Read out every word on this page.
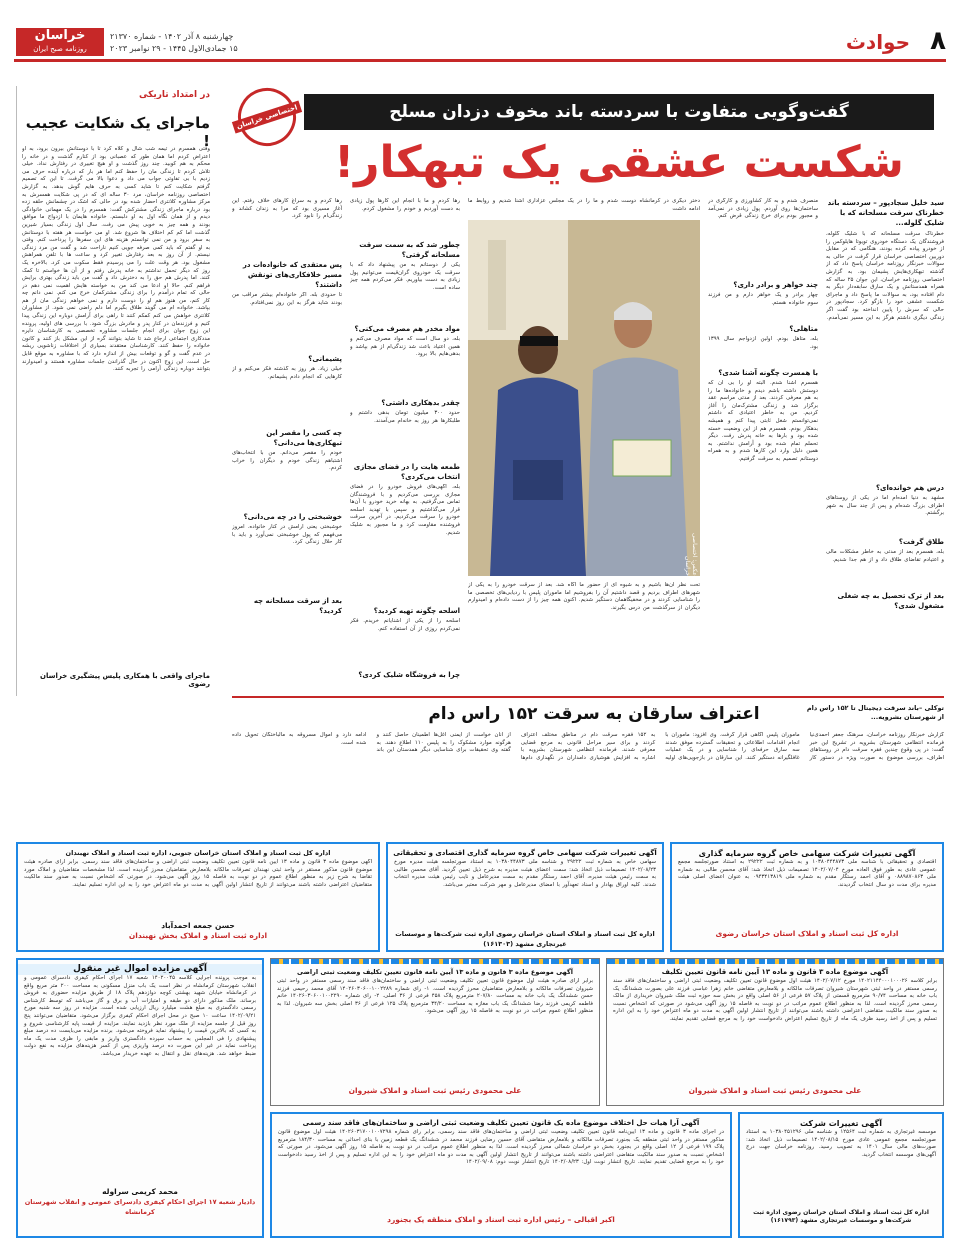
٨
حوادث
چهارشنبه ۸ آذر ۱۴۰۲ - شماره ۲۱۳۷۰
۱۵ جمادی‌الاول ۱۴۴۵ - ۲۹ نوامبر ۲۰۲۳
خراسان
روزنامه صبح ایران
در امتداد تاریکی
ماجرای یک شکایت عجیب !
وقتی همسرم در تیمه شب شال و کلاه کرد تا با دوستانش بیرون برود، به او اعتراض کردم اما همان طور که عصبانی بود از کنارم گذشت و در خانه را محکم به هم کوبید. چند روز گذشت و او هیچ تغییری در رفتارش نداد. خیلی تلاش کردم تا زندگی مان را حفظ کنم اما هر بار که درباره آینده حرف می زدیم با بی تفاوتی جواب می داد و دعوا بالا می گرفت. تا این که تصمیم گرفتم شکایت کنم تا شاید کسی به حرف هایم گوش بدهد. به گزارش اختصاصی روزنامه خراسان، مرد ۳۰ ساله ای که در پی شکایت همسرش به مرکز مشاوره کلانتری احضار شده بود در حالی که اشک در چشمانش حلقه زده بود درباره ماجرای زندگی مشترکش گفت: همسرم را در یک مهمانی خانوادگی دیدم و از همان نگاه اول به او دلبستم. خانواده هایمان با ازدواج ما موافق بودند و همه چیز به خوبی پیش می رفت. سال اول زندگی بسیار شیرین گذشت اما کم کم اختلاف ها شروع شد. او می خواست هر هفته با دوستانش به سفر برود و من نمی توانستم هزینه های این سفرها را پرداخت کنم. وقتی به او گفتم که باید کمی صرفه جویی کنیم ناراحت شد و گفت من مرد زندگی نیستم. از آن روز به بعد رفتارش تغییر کرد و ساعت ها با تلفن همراهش مشغول بود. هر وقت علت را می پرسیدم فقط سکوت می کرد. بالاخره یک روز که دیگر تحمل نداشتم به خانه پدرش رفتم و از آن ها خواستم تا کمک کنند. اما پدرش هم حق را به دخترش داد و گفت من باید زندگی بهتری برایش فراهم کنم. حالا او ادعا می کند من به خواسته هایش اهمیت نمی دهم در حالی که تمام درآمدم را برای زندگی مشترکمان خرج می کنم. نمی دانم چه کار کنم، من هنوز هم او را دوست دارم و نمی خواهم زندگی مان از هم بپاشد. خانواده ام می گویند طلاق بگیرم اما دلم راضی نمی شود. از مشاوران کلانتری خواهش می کنم کمکم کنند تا راهی برای آرامش دوباره این زندگی پیدا کنیم و فرزندمان در کنار پدر و مادرش بزرگ شود. با بررسی های اولیه، پرونده این زوج جوان برای انجام جلسات مشاوره تخصصی به کارشناسان دایره مددکاری اجتماعی ارجاع شد تا شاید بتوانند گره از این مشکل باز کنند و کانون خانواده را حفظ کنند. کارشناسان معتقدند بسیاری از اختلافات زناشویی ریشه در عدم گفت و گو و توقعات بیش از اندازه دارد که با مشاوره به موقع قابل حل است. این زوج اکنون در حال گذراندن جلسات مشاوره هستند و امیدوارند بتوانند دوباره زندگی آرامی را تجربه کنند.
ماجرای واقعی با همکاری پلیس پیشگیری خراسان رضوی
اختصاصی خراسان	گفت‌وگویی متفاوت با سردسته باند مخوف دزدان مسلح
شکست عشقی یک تبهکار!
سید خلیل سجادپور – سردسته باند خطرناک سرقت مسلحانه که با شلیک گلوله...
خطرناک سرقت مسلحانه که با شلیک گلوله، فروشندگان یک دستگاه خودروی تویوتا هایلوکس را از خودرو پیاده کرده بودند، هنگامی که در مقابل دوربین اختصاصی خراسان قرار گرفت در حالی به سوالات خبرنگار روزنامه خراسان پاسخ داد که از گذشته تبهکاری‌هایش پشیمان بود. به گزارش اختصاصی روزنامه خراسان، این جوان ۲۵ ساله که همراه همدستانش و یک سارق سابقه‌دار دیگر به دام افتاده بود، به سوالات ما پاسخ داد و ماجرای شکست عشقی خود را بازگو کرد. سجادپور در حالی که سرش را پایین انداخته بود گفت اگر زندگی دیگری داشتم هرگز به این مسیر نمی‌آمدم.
درس هم خوانده‌ای؟
مشهد به دنیا آمده‌ام اما در یکی از روستاهای اطراف بزرگ شده‌ام و پس از چند سال به شهر برگشتم.
طلاق گرفت؟
بله، همسرم بعد از مدتی به خاطر مشکلات مالی و اعتیادم تقاضای طلاق داد و از هم جدا شدیم.
بعد از ترک تحصیل به چه شغلی مشغول شدی؟
منصرف شدم و به کار کشاورزی و کارگری در ساختمان‌ها روی آوردم. پول زیادی در نمی‌آمد و مجبور بودم برای خرج زندگی قرض کنم.
چند خواهر و برادر داری؟
چهار برادر و یک خواهر دارم و من فرزند سوم خانواده هستم.
متاهلی؟
بله، متاهل بودم. اولین ازدواجم سال ۱۳۹۹ بود.
با همسرت چگونه آشنا شدی؟
همسرم آشنا شدم. البته او را بی آن که دوستش داشته باشم دیدم و خانواده‌ها ما را به هم معرفی کردند. بعد از مدتی مراسم عقد برگزار شد و زندگی مشترک‌مان را آغاز کردیم. من به خاطر اعتیادی که داشتم نمی‌توانستم شغل ثابتی پیدا کنم و همیشه بدهکار بودم. همسرم هم از این وضعیت خسته شده بود و بارها به خانه پدرش رفت. دیگر تحملم تمام شده بود و آرامش نداشتم. به همین دلیل وارد این کارها شدم و به همراه دوستانم تصمیم به سرقت گرفتیم.
عکس: اختصاصی خراسان
دختر دیگری در کرمانشاه دوست شدم و ما را در یک مجلس عزاداری آشنا شدیم و روابط ما ادامه داشت
رها کردم و ما با انجام این کارها پول زیادی به دست آوردیم و خودم را مشغول کردم.
چطور شد که به سمت سرقت مسلحانه گرفتی؟
یکی از دوستانم به من پیشنهاد داد که با سرقت یک خودروی گران‌قیمت می‌توانیم پول زیادی به دست بیاوریم. فکر می‌کردم همه چیز ساده است.
مواد مخدر هم مصرف می‌کنی؟
بله، دو سال است که مواد مصرف می‌کنم و همین اعتیاد باعث شد زندگی‌ام از هم بپاشد و بدهی‌هایم بالا برود.
چقدر بدهکاری داشتی؟
حدود ۳۰۰ میلیون تومان بدهی داشتم و طلبکارها هر روز به خانه‌ام می‌آمدند.
طمعه هایت را در فضای مجازی انتخاب می‌کردی؟
بله، آگهی‌های فروش خودرو را در فضای مجازی بررسی می‌کردیم و با فروشندگان تماس می‌گرفتیم. به بهانه خرید خودرو با آن‌ها قرار می‌گذاشتیم و سپس با تهدید اسلحه خودرو را سرقت می‌کردیم. در آخرین سرقت فروشنده مقاومت کرد و ما مجبور به شلیک شدیم.
اسلحه چگونه تهیه کردید؟
اسلحه را از یکی از آشنایانم خریدم. فکر نمی‌کردم روزی از آن استفاده کنم.
چرا به فروشگاه شلیک کردی؟
رها کردم و به سراغ کارهای خلاف رفتم. این آغاز مسیری بود که مرا به زندان کشاند و زندگی‌ام را نابود کرد.
پس معتقدی که خانواده‌ات در مسیر خلافکاری‌های تونقش داشتند؟
تا حدودی بله. اگر خانواده‌ام بیشتر مراقب من بودند شاید هرگز به این روز نمی‌افتادم.
پشیمانی؟
خیلی زیاد. هر روز به گذشته فکر می‌کنم و از کارهایی که انجام دادم پشیمانم.
چه کسی را مقصر این تبهکاری‌ها می‌دانی؟
خودم را مقصر می‌دانم. من با انتخاب‌های اشتباهم زندگی خودم و دیگران را خراب کردم.
خوشبختی را در چه می‌دانی؟
خوشبختی یعنی آرامش در کنار خانواده. امروز می‌فهمم که پول خوشبختی نمی‌آورد و باید با کار حلال زندگی کرد.
بعد از سرقت مسلحانه چه کردید؟
تحت نظر آن‌ها باشیم و به شیوه ای از حضور ما آگاه شد. بعد از سرقت خودرو را به یکی از شهرهای اطراف بردیم و قصد داشتیم آن را بفروشیم اما ماموران پلیس با ردیابی‌های تخصصی ما را شناسایی کردند و در مخفیگاهمان دستگیر شدیم. اکنون همه چیز را از دست داده‌ام و امیدوارم دیگران از سرگذشت من درس بگیرند.
اعتراف سارقان به سرقت ۱۵۲ راس دام	توکلی –باند سرقت دیجیتال تا ۱۵۲ راس دام از شهرستان بشرویه...
گزارش خبرنگار روزنامه خراسان، سرهنگ جعفر احمدی‌نیا فرمانده انتظامی شهرستان بشرویه در تشریح این خبر گفت: در پی وقوع چندین فقره سرقت دام در روستاهای اطراف، بررسی موضوع به صورت ویژه در دستور کار ماموران پلیس آگاهی قرار گرفت. وی افزود: ماموران با انجام اقدامات اطلاعاتی و تحقیقات گسترده موفق شدند سه سارق حرفه‌ای را شناسایی و در یک عملیات غافلگیرانه دستگیر کنند. این سارقان در بازجویی‌های اولیه به ۱۵۲ فقره سرقت دام در مناطق مختلف اعتراف کردند و برای سیر مراحل قانونی به مرجع قضایی معرفی شدند. فرمانده انتظامی شهرستان بشرویه با اشاره به افزایش هوشیاری دامداران در نگهداری دام‌ها از آنان خواست از ایمنی آغل‌ها اطمینان حاصل کنند و هرگونه موارد مشکوک را به پلیس ۱۱۰ اطلاع دهند. به گفته وی تحقیقات برای شناسایی دیگر همدستان این باند ادامه دارد و اموال مسروقه به مالباختگان تحویل داده شده است.
آگهی تغییرات شرکت سهامی خاص گروه سرمایه گذاری
اقتصادی و تحقیقاتی با شناسه ملی ۱۰۳۸۰۴۴۴۸۷۳ و به شماره ثبت ۲۹۲۲۲ به استناد صورتجلسه مجمع عمومی عادی به طور فوق العاده مورخ ۱۴۰۲/۰۷/۰۴ تصمیمات ذیل اتخاذ شد: آقای محسن طالبی به شماره ملی ۰۸۸۹۸۷۰۸۶۳ و آقای احمد رستگار مقدم به شماره ملی ۰۹۴۳۴۱۳۸۱۹ به عنوان اعضای اصلی هیئت مدیره برای مدت دو سال انتخاب گردیدند.
اداره کل ثبت اسناد و املاک استان خراسان رضوی
آگهی تغییرات شرکت سهامی خاص گروه سرمایه گذاری اقتصادی و تحقیقاتی
سهامی خاص به شماره ثبت ۲۹۲۲۲ و شناسه ملی ۱۰۳۸۰۴۴۸۷۳ به استناد صورتجلسه هیئت مدیره مورخ ۱۴۰۲/۰۸/۲۳ تصمیمات ذیل اتخاذ شد: سمت اعضای هیئت مدیره به شرح ذیل تعیین گردید. آقای محسن طالبی به سمت رئیس هیئت مدیره، آقای احمد رستگار مقدم به سمت مدیرعامل و نایب رئیس هیئت مدیره انتخاب شدند. کلیه اوراق بهادار و اسناد تعهدآور با امضای مدیرعامل و مهر شرکت معتبر می‌باشد.
اداره کل ثبت اسناد و املاک استان خراسان رضوی اداره ثبت شرکت‌ها و موسسات غیرتجاری مشهد (۱۶۱۳۰۳)
اداره کل ثبت اسناد و املاک استان خراسان جنوبی، اداره ثبت اسناد و املاک نهبندان
آگهی موضوع ماده ۳ قانون و ماده ۱۳ آیین نامه قانون تعیین تکلیف وضعیت ثبتی اراضی و ساختمان‌های فاقد سند رسمی. برابر آرای صادره هیئت موضوع قانون مذکور مستقر در واحد ثبتی نهبندان تصرفات مالکانه بلامعارض متقاضیان محرز گردیده است. لذا مشخصات متقاضیان و املاک مورد تقاضا به شرح زیر به منظور اطلاع عموم در دو نوبت به فاصله ۱۵ روز آگهی می‌شود. در صورتی که اشخاص نسبت به صدور سند مالکیت متقاضیان اعتراضی داشته باشند می‌توانند از تاریخ انتشار اولین آگهی به مدت دو ماه اعتراض خود را به این اداره تسلیم نمایند.
حسن جمعه احمدآباد
اداره ثبت اسناد و املاک بخش نهبندان
آگهی موضوع ماده ۳ قانون و ماده ۱۳ آیین نامه قانون تعیین تکلیف
برابر کلاسه ۱۴۰۲۱۱۴۴۰۰۰۱۰۰۰۲۶ مورخ ۱۴۰۲/۰۷/۱۲ هیئت اول موضوع قانون تعیین تکلیف وضعیت ثبتی اراضی و ساختمان‌های فاقد سند رسمی مستقر در واحد ثبتی شهرستان شیروان تصرفات مالکانه و بلامعارض متقاضی خانم زهرا عباسی فرزند علی بصورت ششدانگ یک باب خانه به مساحت ۹۰/۷۴ مترمربع قسمتی از پلاک ۵۷ فرعی از ۵۶ اصلی واقع در بخش سه حوزه ثبت ملک شیروان خریداری از مالک رسمی محرز گردیده است. لذا به منظور اطلاع عموم مراتب در دو نوبت به فاصله ۱۵ روز آگهی می‌شود در صورتی که اشخاص نسبت به صدور سند مالکیت متقاضی اعتراضی داشته باشند می‌توانند از تاریخ انتشار اولین آگهی به مدت دو ماه اعتراض خود را به این اداره تسلیم و پس از اخذ رسید ظرف یک ماه از تاریخ تسلیم اعتراض دادخواست خود را به مرجع قضایی تقدیم نمایند.
علی محمودی رئیس ثبت اسناد و املاک شیروان
آگهی موضوع ماده ۳ قانون و ماده ۱۳ آیین نامه قانون تعیین تکلیف وضعیت ثبتی اراضی
برابر آرای صادره هیئت اول موضوع قانون تعیین تکلیف وضعیت ثبتی اراضی و ساختمان‌های فاقد سند رسمی مستقر در واحد ثبتی شیروان تصرفات مالکانه و بلامعارض متقاضیان محرز گردیده است. ۱- رای شماره ۱۴۰۲۶۰۳۰۶۰۰۱۰۰۲۲۸۹ آقای محمد رحیمی فرزند حسن ششدانگ یک باب خانه به مساحت ۲۰۷/۸۰ مترمربع پلاک ۴۵۸ فرعی از ۳۶ اصلی. ۲- رای شماره ۱۴۰۲۶۰۳۰۶۰۰۱۰۰۲۲۹۰ خانم فاطمه کریمی فرزند رضا ششدانگ یک باب مغازه به مساحت ۳۴/۲۰ مترمربع پلاک ۱۲۵ فرعی از ۳۶ اصلی بخش سه شیروان. لذا به منظور اطلاع عموم مراتب در دو نوبت به فاصله ۱۵ روز آگهی می‌شود.
علی محمودی رئیس ثبت اسناد و املاک شیروان
آگهی مزایده اموال غیر منقول
به موجب پرونده اجرایی کلاسه ۱۴۰۲۰۰۴۵ شعبه ۱۷ اجرای احکام کیفری دادسرای عمومی و انقلاب شهرستان کرمانشاه در نظر است یک باب منزل مسکونی به مساحت ۲۰۰ متر مربع واقع در کرمانشاه خیابان شهید بهشتی کوچه دوازدهم پلاک ۱۸ از طریق مزایده حضوری به فروش برساند. ملک مذکور دارای دو طبقه و امتیازات آب و برق و گاز می‌باشد که توسط کارشناس رسمی دادگستری به مبلغ هشت میلیارد ریال ارزیابی شده است. مزایده در روز سه شنبه مورخ ۱۴۰۲/۰۹/۲۱ ساعت ۱۰ صبح در محل اجرای احکام کیفری برگزار می‌شود. متقاضیان می‌توانند پنج روز قبل از جلسه مزایده از ملک مورد نظر بازدید نمایند. مزایده از قیمت پایه کارشناسی شروع و به کسی که بالاترین قیمت را پیشنهاد نماید فروخته می‌شود. برنده مزایده می‌بایست ده درصد مبلغ پیشنهادی را فی المجلس به حساب سپرده دادگستری واریز و مابقی را ظرف مدت یک ماه پرداخت نماید در غیر این صورت ده درصد واریزی پس از کسر هزینه‌های مزایده به نفع دولت ضبط خواهد شد. هزینه‌های نقل و انتقال به عهده خریدار می‌باشد.
محمد کریمی سراوله
دادیار شعبه ۱۷ اجرای احکام کیفری دادسرای عمومی و انقلاب شهرستان کرمانشاه
آگهی آرا هیات حل اختلاف موضوع ماده یک قانون تعیین تکلیف وضعیت ثبتی اراضی و ساختمان‌های فاقد سند رسمی
در اجرای ماده ۳ قانون و ماده ۱۳ آیین‌نامه قانون تعیین تکلیف وضعیت ثبتی اراضی و ساختمان‌های فاقد سند رسمی، برابر رای شماره ۱۴۰۲۶۰۳۱۷۰۰۱۰۰۷۲۹۸ هیئت اول موضوع قانون مذکور مستقر در واحد ثبتی منطقه یک بجنورد تصرفات مالکانه و بلامعارض متقاضی آقای حسین رضایی فرزند محمد در ششدانگ یک قطعه زمین با بنای احداثی به مساحت ۱۸۴/۳۰ مترمربع پلاک ۱۹۹ فرعی از ۱۲ اصلی واقع در بجنورد بخش دو خراسان شمالی محرز گردیده است. لذا به منظور اطلاع عموم مراتب در دو نوبت به فاصله ۱۵ روز آگهی می‌شود. در صورتی که اشخاص نسبت به صدور سند مالکیت متقاضی اعتراضی داشته باشند می‌توانند از تاریخ انتشار اولین آگهی به مدت دو ماه اعتراض خود را به این اداره تسلیم و پس از اخذ رسید دادخواست خود را به مرجع قضایی تقدیم نمایند. تاریخ انتشار نوبت اول: ۱۴۰۲/۰۸/۲۳ تاریخ انتشار نوبت دوم: ۱۴۰۲/۰۹/۰۸
اکبر اقبالی – رئیس اداره ثبت اسناد و املاک منطقه یک بجنورد
آگهی تغییرات شرکت
موسسه غیرتجاری به شماره ثبت ۱۲۵۶۴ و شناسه ملی ۱۰۳۸۰۴۵۱۲۹۶ به استناد صورتجلسه مجمع عمومی عادی مورخ ۱۴۰۲/۰۸/۱۵ تصمیمات ذیل اتخاذ شد: صورت‌های مالی سال ۱۴۰۱ به تصویب رسید. روزنامه خراسان جهت درج آگهی‌های موسسه انتخاب گردید.
اداره کل ثبت اسناد و املاک استان خراسان رضوی اداره ثبت شرکت‌ها و موسسات غیرتجاری مشهد (۱۶۱۷۹۳)
